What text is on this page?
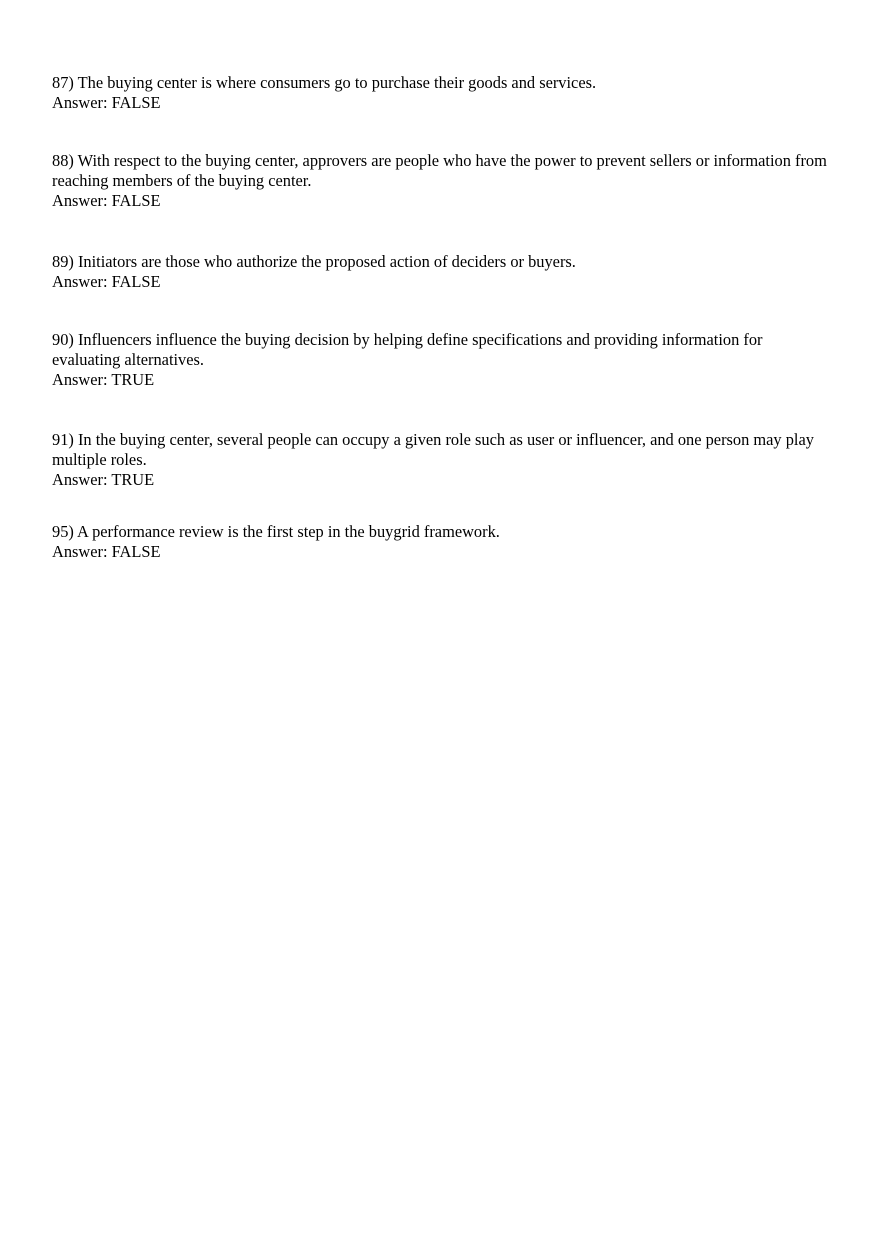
87) The buying center is where consumers go to purchase their goods and services.

Answer: FALSE

88) With respect to the buying center, approvers are people who have the power to prevent sellers or information from reaching members of the buying center.

Answer: FALSE

89) Initiators are those who authorize the proposed action of deciders or buyers.

Answer: FALSE

90) Influencers influence the buying decision by helping define specifications and providing information for evaluating alternatives.

Answer: TRUE

91) In the buying center, several people can occupy a given role such as user or influencer, and one person may play multiple roles.

Answer: TRUE

95) A performance review is the first step in the buygrid framework.

Answer: FALSE
